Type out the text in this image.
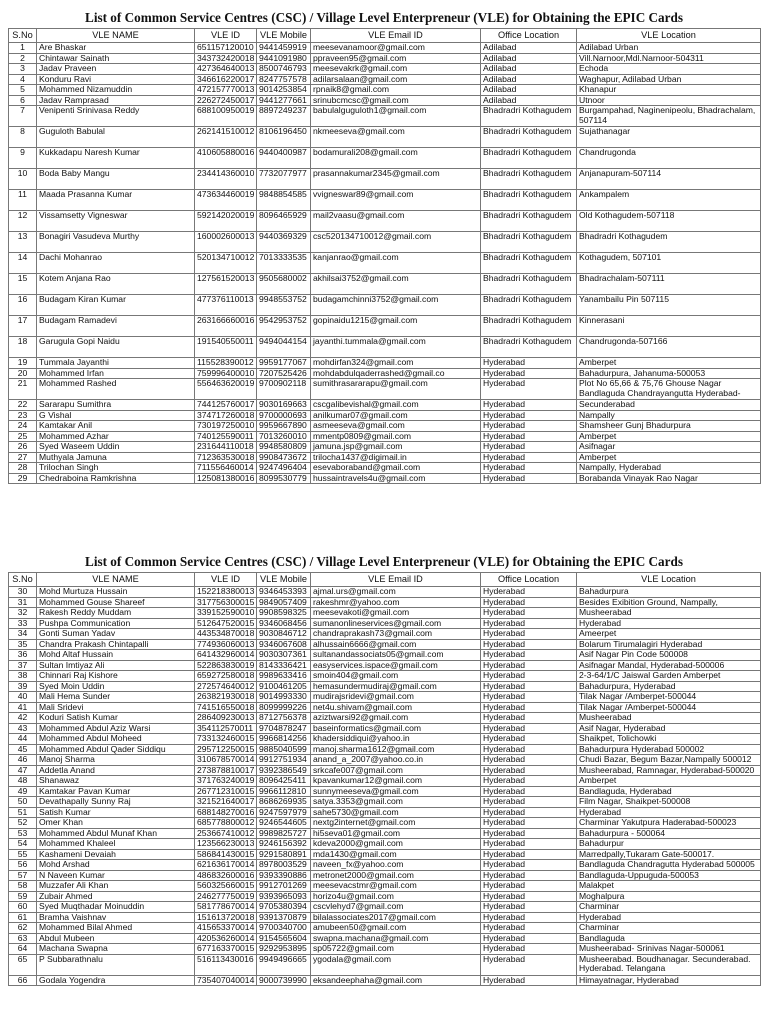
List of Common Service Centres (CSC) / Village Level Enterpreneur (VLE) for Obtaining the EPIC Cards
S.No	VLE NAME	VLE ID	VLE Mobile	VLE Email ID	Office Location	VLE Location
1	Are Bhaskar	651157120010	9441459919	meesevanamoor@gmail.com	Adilabad	Adilabad Urban
2	Chintawar Sainath	343732420018	9441091980	ppraveen95@gmail.com	Adilabad	Vill.Narnoor,Mdl.Narnoor-504311
3	Jadav Praveen	427364640013	8500746793	meesevakrk@gmail.com	Adilabad	Echoda
4	Konduru Ravi	346616220017	8247757578	adilarsalaan@gmail.com	Adilabad	Waghapur, Adilabad Urban
5	Mohammed Nizamuddin	472157770013	9014253854	rpnaik8@gmail.com	Adilabad	Khanapur
6	Jadav Ramprasad	226272450017	9441277661	srinubcmcsc@gmail.com	Adilabad	Utnoor
7	Venipenti Srinivasa Reddy	688100950019	8897249237	babulalguguloth1@gmail.com	Bhadradri Kothagudem	Burgampahad, Naginenipeolu, Bhadrachalam, 507114
8	Guguloth Babulal	262141510012	8106196450	nkmeeseva@gmail.com	Bhadradri Kothagudem	Sujathanagar
9	Kukkadapu Naresh Kumar	410605880016	9440400987	bodamurali208@gmail.com	Bhadradri Kothagudem	Chandrugonda
10	Boda Baby Mangu	234414360010	7732077977	prasannakumar2345@gmail.com	Bhadradri Kothagudem	Anjanapuram-507114
11	Maada Prasanna Kumar	473634460019	9848854585	vvigneswar89@gmail.com	Bhadradri Kothagudem	Ankampalem
12	Vissamsetty Vigneswar	592142020019	8096465929	mail2vaasu@gmail.com	Bhadradri Kothagudem	Old Kothagudem-507118
13	Bonagiri Vasudeva Murthy	160002600013	9440369329	csc520134710012@gmail.com	Bhadradri Kothagudem	Bhadradri Kothagudem
14	Dachi Mohanrao	520134710012	7013333535	kanjanrao@gmail.com	Bhadradri Kothagudem	Kothagudem, 507101
15	Kotem Anjana Rao	127561520013	9505680002	akhilsai3752@gmail.com	Bhadradri Kothagudem	Bhadrachalam-507111
16	Budagam Kiran Kumar	477376110013	9948553752	budagamchinni3752@gmail.com	Bhadradri Kothagudem	Yanambailu Pin 507115
17	Budagam Ramadevi	263166660016	9542953752	gopinaidu1215@gmail.com	Bhadradri Kothagudem	Kinnerasani
18	Garugula Gopi Naidu	191540550011	9494044154	jayanthi.tummala@gmail.com	Bhadradri Kothagudem	Chandrugonda-507166
19	Tummala Jayanthi	115528390012	9959177067	mohdirfan324@gmail.com	Hyderabad	Amberpet
20	Mohammed Irfan	759996400010	7207525426	mohdabdulqaderrashed@gmail.co	Hyderabad	Bahadurpura, Jahanuma-500053
21	Mohammed Rashed	556463620019	9700902118	sumithrasararapu@gmail.com	Hyderabad	Plot No 65,66 & 75,76 Ghouse Nagar Bandlaguda Chandrayangutta Hyderabad-
22	Sararapu Sumithra	744125760017	9030169663	cscgalibevishal@gmail.com	Hyderabad	Secunderabad
23	G Vishal	374717260018	9700000693	anilkumar07@gmail.com	Hyderabad	Nampally
24	Kamtakar Anil	730197250010	9959667890	asmeeseva@gmail.com	Hyderabad	Shamsheer Gunj Bhadurpura
25	Mohammed Azhar	740125590011	7013260010	mmentp0809@gmail.com	Hyderabad	Amberpet
26	Syed Waseem Uddin	231644110018	9948580809	jamuna.jsp@gmail.com	Hyderabad	Asifnagar
27	Muthyala Jamuna	712363530018	9908473672	trilocha1437@digimail.in	Hyderabad	Amberpet
28	Trilochan Singh	711556460014	9247496404	esevaboraband@gmail.com	Hyderabad	Nampally, Hyderabad
29	Chedraboina Ramkrishna	125081380016	8099530779	hussaintravels4u@gmail.com	Hyderabad	Borabanda Vinayak Rao Nagar
List of Common Service Centres (CSC) / Village Level Enterpreneur (VLE) for Obtaining the EPIC Cards
S.No	VLE NAME	VLE ID	VLE Mobile	VLE Email ID	Office Location	VLE Location
30	Mohd Murtuza Hussain	152218380013	9346453393	ajmal.urs@gmail.com	Hyderabad	Bahadurpura
31	Mohammed Gouse Shareef	317756300015	9849057409	rakeshmr@yahoo.com	Hyderabad	Besides Exibition Ground, Nampally,
32	Rakesh Reddy Muddam	339152590010	9908598325	meesevakoti@gmail.com	Hyderabad	Musheerabad
33	Pushpa Communication	512647520015	9346068456	sumanonlineservices@gmail.com	Hyderabad	Hyderabad
34	Gonti Suman Yadav	443534870018	9030846712	chandraprakash73@gmail.com	Hyderabad	Ameerpet
35	Chandra Prakash Chintapalli	774936060013	9346067608	alhussain6666@gmail.com	Hyderabad	Bolarum Tirumalagiri Hyderabad
36	Mohd Altaf Hussain	641432960014	9030307361	sultanandassociats05@gmail.com	Hyderabad	Asif Nagar Pin Code 500008
37	Sultan Imtiyaz Ali	522863830019	8143336421	easyservices.ispace@gmail.com	Hyderabad	Asifnagar Mandal, Hyderabad-500006
38	Chinnari Raj Kishore	659272580018	9989633416	smoin404@gmail.com	Hyderabad	2-3-64/1/C Jaiswal Garden Amberpet
39	Syed Moin Uddin	272574640012	9100461205	hemasundermudiraj@gmail.com	Hyderabad	Bahadurpura, Hyderabad
40	Mali Hema Sunder	263821930018	9014993330	mudirajsridevi@gmail.com	Hyderabad	Tilak Nagar /Amberpet-500044
41	Mali Sridevi	741516550018	8099999226	net4u.shivam@gmail.com	Hyderabad	Tilak Nagar /Amberpet-500044
42	Koduri Satish Kumar	286409230013	8712756378	aziztwarsi92@gmail.com	Hyderabad	Musheerabad
43	Mohammed Abdul Aziz Warsi	354112570011	9704878247	baseinformatics@gmail.com	Hyderabad	Asif Nagar, Hyderabad
44	Mohammed Abdul Moheed	733132460015	9966814256	khadersiddiqui@yahoo.in	Hyderabad	Shaikpet, Tolichowki
45	Mohammed Abdul Qader Siddiqu	295712250015	9885040599	manoj.sharma1612@gmail.com	Hyderabad	Bahadurpura Hyderabad 500002
46	Manoj Sharma	310678570014	9912751934	anand_a_2007@yahoo.co.in	Hyderabad	Chudi Bazar, Begum Bazar,Nampally 500012
47	Addetla Anand	273878810017	9392386549	srkcafe007@gmail.com	Hyderabad	Musheerabad, Ramnagar, Hyderabad-500020
48	Shanawaz	371763240019	8096425411	kpavankumar12@gmail.com	Hyderabad	Amberpet
49	Kamtakar Pavan Kumar	267712310015	9966112810	sunnymeeseva@gmail.com	Hyderabad	Bandlaguda, Hyderabad
50	Devathapally Sunny Raj	321521640017	8686269935	satya.3353@gmail.com	Hyderabad	Film Nagar, Shaikpet-500008
51	Satish Kumar	688148270016	9247597979	sahe5730@gmail.com	Hyderabad	Hyderabad
52	Omer Khan	685778800012	9246544605	nextg2internet@gmail.com	Hyderabad	Charminar Yakutpura Haderabad-500023
53	Mohammed Abdul Munaf Khan	253667410012	9989825727	hi5seva01@gmail.com	Hyderabad	Bahadurpura - 500064
54	Mohammed Khaleel	123566230013	9246156392	kdeva2000@gmail.com	Hyderabad	Bahadurpur
55	Kashameni Devaiah	586841430015	9291580891	mda1430@gmail.com	Hyderabad	Marredpally,Tukaram Gate-500017.
56	Mohd Arshad	621636170014	8978003529	naveen_fx@yahoo.com	Hyderabad	Bandlaguda Chandragutta Hyderabad 500005
57	N Naveen Kumar	486832600016	9393390886	metronet2000@gmail.com	Hyderabad	Bandlaguda-Uppuguda-500053
58	Muzzafer Ali Khan	560325660015	9912701269	meesevacstmr@gmail.com	Hyderabad	Malakpet
59	Zubair Ahmed	246277750019	9393965093	horizo4u@gmail.com	Hyderabad	Moghalpura
60	Syed Muqthadar Moinuddin	581778670014	9705380394	cscvlehyd7@gmail.com	Hyderabad	Charminar
61	Bramha Vaishnav	151613720018	9391370879	bilalassociates2017@gmail.com	Hyderabad	Hyderabad
62	Mohammed Bilal Ahmed	415653370014	9700340700	amubeen50@gmail.com	Hyderabad	Charminar
63	Abdul Mubeen	420536260014	9154565604	swapna.machana@gmail.com	Hyderabad	Bandlaguda
64	Machana Swapna	677163370015	9292953895	sp05722@gmail.com	Hyderabad	Musheerabad- Srinivas Nagar-500061
65	P Subbarathnalu	516113430016	9949496665	ygodala@gmail.com	Hyderabad	Musheerabad. Boudhanagar. Secunderabad. Hyderabad. Telangana
66	Godala Yogendra	735407040014	9000739990	eksandeephaha@gmail.com	Hyderabad	Himayatnagar, Hyderabad
